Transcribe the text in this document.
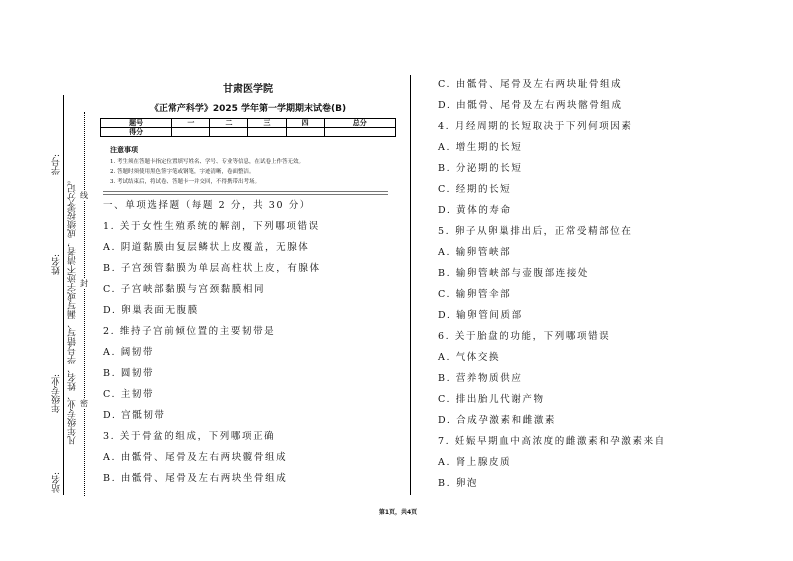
学号:
姓名:
年级专业:
站名:
凡年级专业、姓名、学号错写、漏写或字迹不清者，成绩按零分记。 密
封
线
甘肃医学院
《正常产科学》2025 学年第一学期期末试卷(B)
题号	一	二	三	四	总分
得分					
注意事项
1. 考生须在答题卡指定位置填写姓名、学号、专业等信息，在试卷上作答无效。
2. 答题时须使用黑色签字笔或钢笔，字迹清晰，卷面整洁。
3. 考试结束后，将试卷、答题卡一并交回，不得携带出考场。
一、单项选择题（每题 2 分，共 30 分）
1. 关于女性生殖系统的解剖，下列哪项错误
A. 阴道黏膜由复层鳞状上皮覆盖，无腺体
B. 子宫颈管黏膜为单层高柱状上皮，有腺体
C. 子宫峡部黏膜与宫颈黏膜相同
D. 卵巢表面无腹膜
2. 维持子宫前倾位置的主要韧带是
A. 阔韧带
B. 圆韧带
C. 主韧带
D. 宫骶韧带
3. 关于骨盆的组成，下列哪项正确
A. 由骶骨、尾骨及左右两块髋骨组成
B. 由骶骨、尾骨及左右两块坐骨组成
C. 由骶骨、尾骨及左右两块耻骨组成
D. 由骶骨、尾骨及左右两块髂骨组成
4. 月经周期的长短取决于下列何项因素
A. 增生期的长短
B. 分泌期的长短
C. 经期的长短
D. 黄体的寿命
5. 卵子从卵巢排出后，正常受精部位在
A. 输卵管峡部
B. 输卵管峡部与壶腹部连接处
C. 输卵管伞部
D. 输卵管间质部
6. 关于胎盘的功能，下列哪项错误
A. 气体交换
B. 营养物质供应
C. 排出胎儿代谢产物
D. 合成孕激素和雌激素
7. 妊娠早期血中高浓度的雌激素和孕激素来自
A. 肾上腺皮质
B. 卵泡
第1页，共4页
